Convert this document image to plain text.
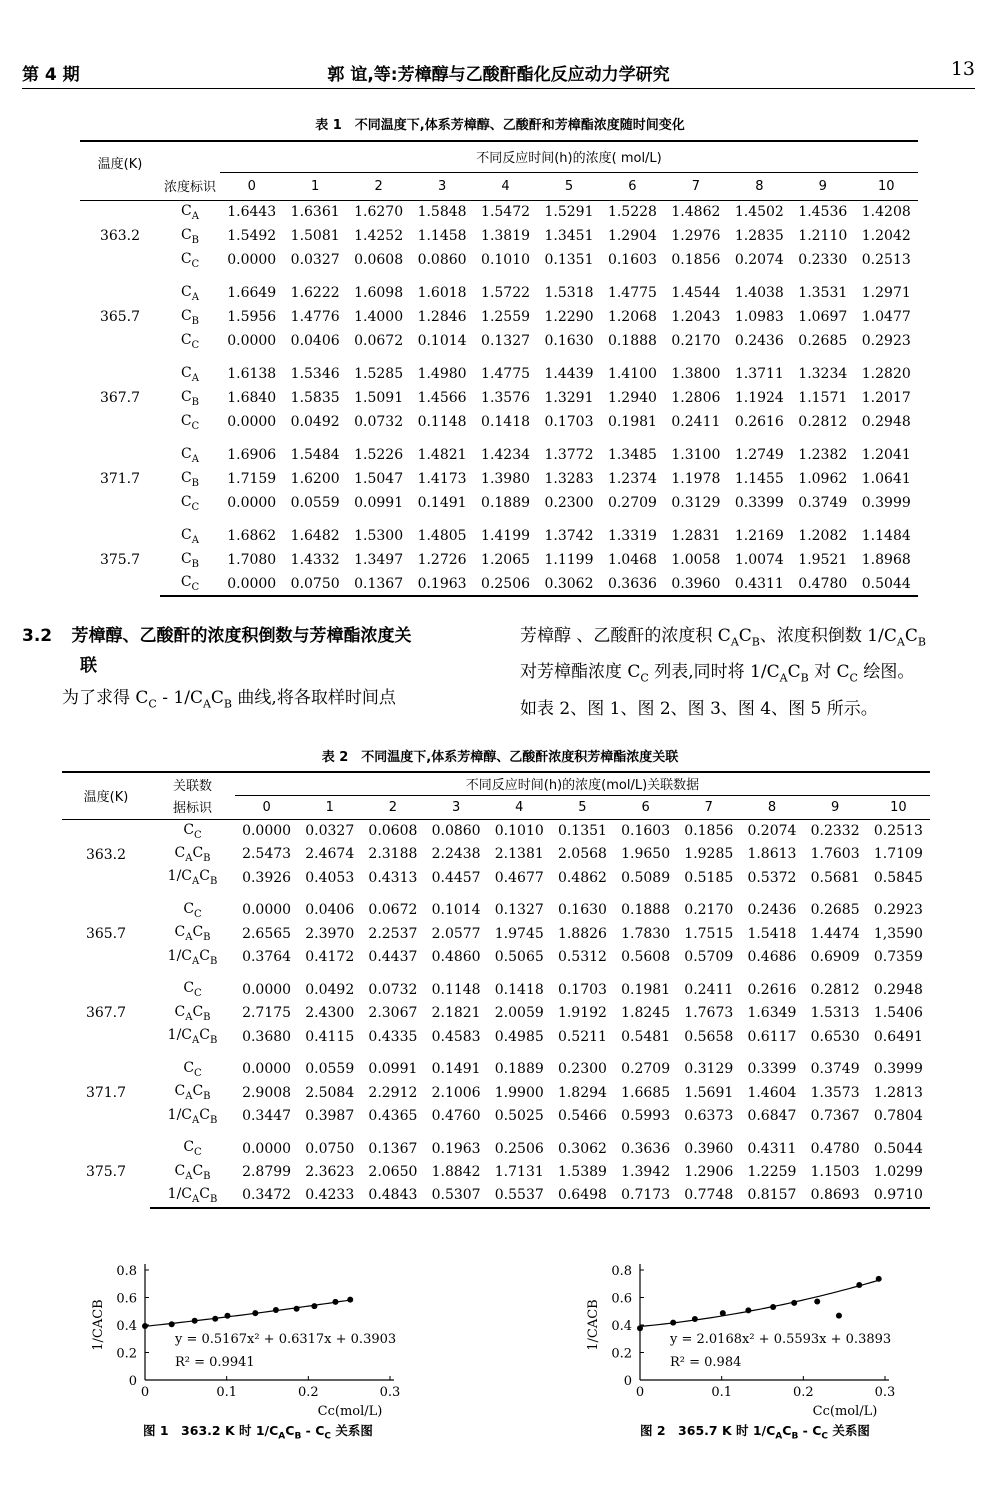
第 4 期	郭 谊,等:芳樟醇与乙酸酐酯化反应动力学研究	13
表 1　不同温度下,体系芳樟醇、乙酸酐和芳樟酯浓度随时间变化
温度(K)		不同反应时间(h)的浓度( mol/L)										
	浓度标识	0	1	2	3	4	5	6	7	8	9	10
363.2	$C_A$	1.6443	1.6361	1.6270	1.5848	1.5472	1.5291	1.5228	1.4862	1.4502	1.4536	1.4208
	$C_B$	1.5492	1.5081	1.4252	1.1458	1.3819	1.3451	1.2904	1.2976	1.2835	1.2110	1.2042
	$C_C$	0.0000	0.0327	0.0608	0.0860	0.1010	0.1351	0.1603	0.1856	0.2074	0.2330	0.2513

365.7	$C_A$	1.6649	1.6222	1.6098	1.6018	1.5722	1.5318	1.4775	1.4544	1.4038	1.3531	1.2971
	$C_B$	1.5956	1.4776	1.4000	1.2846	1.2559	1.2290	1.2068	1.2043	1.0983	1.0697	1.0477
	$C_C$	0.0000	0.0406	0.0672	0.1014	0.1327	0.1630	0.1888	0.2170	0.2436	0.2685	0.2923

367.7	$C_A$	1.6138	1.5346	1.5285	1.4980	1.4775	1.4439	1.4100	1.3800	1.3711	1.3234	1.2820
	$C_B$	1.6840	1.5835	1.5091	1.4566	1.3576	1.3291	1.2940	1.2806	1.1924	1.1571	1.2017
	$C_C$	0.0000	0.0492	0.0732	0.1148	0.1418	0.1703	0.1981	0.2411	0.2616	0.2812	0.2948

371.7	$C_A$	1.6906	1.5484	1.5226	1.4821	1.4234	1.3772	1.3485	1.3100	1.2749	1.2382	1.2041
	$C_B$	1.7159	1.6200	1.5047	1.4173	1.3980	1.3283	1.2374	1.1978	1.1455	1.0962	1.0641
	$C_C$	0.0000	0.0559	0.0991	0.1491	0.1889	0.2300	0.2709	0.3129	0.3399	0.3749	0.3999

375.7	$C_A$	1.6862	1.6482	1.5300	1.4805	1.4199	1.3742	1.3319	1.2831	1.2169	1.2082	1.1484
	$C_B$	1.7080	1.4332	1.3497	1.2726	1.2065	1.1199	1.0468	1.0058	1.0074	1.9521	1.8968
	$C_C$	0.0000	0.0750	0.1367	0.1963	0.2506	0.3062	0.3636	0.3960	0.4311	0.4780	0.5044
3.2 芳樟醇、乙酸酐的浓度积倒数与芳樟酯浓度关
联
为了求得 $C_C - 1/C_AC_B$ 曲线,将各取样时间点
芳樟醇 、乙酸酐的浓度积 $C_AC_B$、浓度积倒数 $1/C_AC_B$
对芳樟酯浓度 $C_C$ 列表,同时将 $1/C_AC_B$ 对 $C_C$ 绘图。
如表 2、图 1、图 2、图 3、图 4、图 5 所示。
表 2　不同温度下,体系芳樟醇、乙酸酐浓度积芳樟酯浓度关联
温度(K)	关联数	不同反应时间(h)的浓度(mol/L)关联数据										
	据标识	0	1	2	3	4	5	6	7	8	9	10
363.2	$C_C$	0.0000	0.0327	0.0608	0.0860	0.1010	0.1351	0.1603	0.1856	0.2074	0.2332	0.2513
	$C_AC_B$	2.5473	2.4674	2.3188	2.2438	2.1381	2.0568	1.9650	1.9285	1.8613	1.7603	1.7109
	$1/C_AC_B$	0.3926	0.4053	0.4313	0.4457	0.4677	0.4862	0.5089	0.5185	0.5372	0.5681	0.5845

365.7	$C_C$	0.0000	0.0406	0.0672	0.1014	0.1327	0.1630	0.1888	0.2170	0.2436	0.2685	0.2923
	$C_AC_B$	2.6565	2.3970	2.2537	2.0577	1.9745	1.8826	1.7830	1.7515	1.5418	1.4474	1,3590
	$1/C_AC_B$	0.3764	0.4172	0.4437	0.4860	0.5065	0.5312	0.5608	0.5709	0.4686	0.6909	0.7359

367.7	$C_C$	0.0000	0.0492	0.0732	0.1148	0.1418	0.1703	0.1981	0.2411	0.2616	0.2812	0.2948
	$C_AC_B$	2.7175	2.4300	2.3067	2.1821	2.0059	1.9192	1.8245	1.7673	1.6349	1.5313	1.5406
	$1/C_AC_B$	0.3680	0.4115	0.4335	0.4583	0.4985	0.5211	0.5481	0.5658	0.6117	0.6530	0.6491

371.7	$C_C$	0.0000	0.0559	0.0991	0.1491	0.1889	0.2300	0.2709	0.3129	0.3399	0.3749	0.3999
	$C_AC_B$	2.9008	2.5084	2.2912	2.1006	1.9900	1.8294	1.6685	1.5691	1.4604	1.3573	1.2813
	$1/C_AC_B$	0.3447	0.3987	0.4365	0.4760	0.5025	0.5466	0.5993	0.6373	0.6847	0.7367	0.7804

375.7	$C_C$	0.0000	0.0750	0.1367	0.1963	0.2506	0.3062	0.3636	0.3960	0.4311	0.4780	0.5044
	$C_AC_B$	2.8799	2.3623	2.0650	1.8842	1.7131	1.5389	1.3942	1.2906	1.2259	1.1503	1.0299
	$1/C_AC_B$	0.3472	0.4233	0.4843	0.5307	0.5537	0.6498	0.7173	0.7748	0.8157	0.8693	0.9710
0
0.2
0.4
0.6
0.8
0	0.1	0.2	0.3
y = 0.5167x² + 0.6317x + 0.3903
R² = 0.9941
Cc(mol/L)
1/CACB
图 1　363.2 K 时 $1/C_AC_B - C_C$ 关系图
0
0.2
0.4
0.6
0.8
0	0.1	0.2	0.3
y = 2.0168x² + 0.5593x + 0.3893
R² = 0.984
Cc(mol/L)
1/CACB
图 2　365.7 K 时 $1/C_AC_B - C_C$ 关系图
